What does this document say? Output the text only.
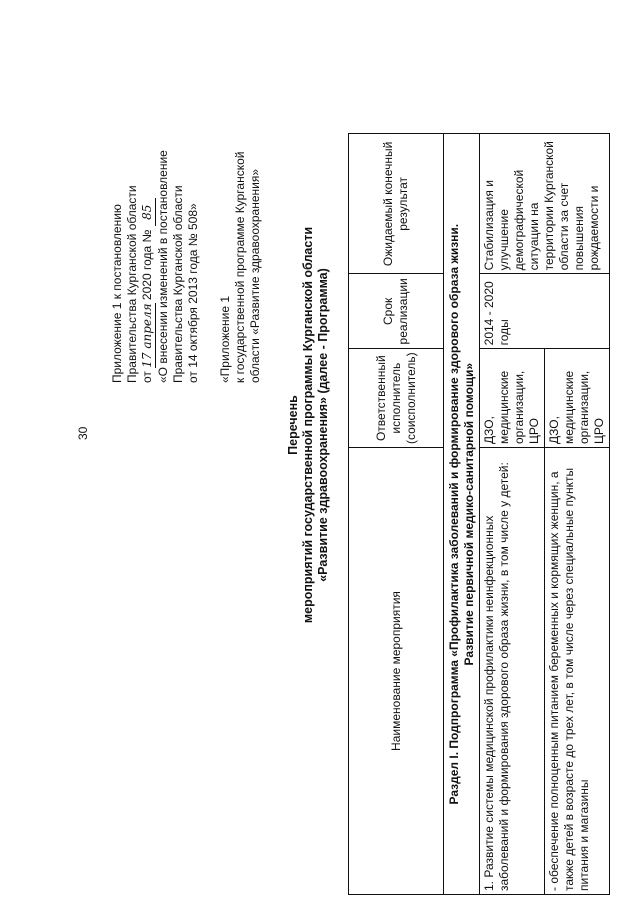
30
Приложение 1 к постановлению Правительства Курганской области от 17 апреля 2020 года № 85 «О внесении изменений в постановление Правительства Курганской области от 14 октября 2013 года № 508» «Приложение 1 к государственной программе Курганской области «Развитие здравоохранения»
Перечень мероприятий государственной программы Курганской области «Развитие здравоохранения» (далее - Программа)
Наименование мероприятия	Ответственный исполнитель (соисполнитель)	Срок реализации	Ожидаемый конечный результат

Раздел I. Подпрограмма «Профилактика заболеваний и формирование здорового образа жизни. Развитие первичной медико-санитарной помощи»			

1. Развитие системы медицинской профилактики неинфекционных заболеваний и формирования здорового образа жизни, в том числе у детей:	ДЗО, медицинские организации, ЦРО	2014 - 2020 годы	Стабилизация и улучшение демографической ситуации на территории Курганской области за счет повышения рождаемости и
- обеспечение полноценным питанием беременных и кормящих женщин, а также детей в возрасте до трех лет, в том числе через специальные пункты питания и магазины	ДЗО, медицинские организации, ЦРО		
